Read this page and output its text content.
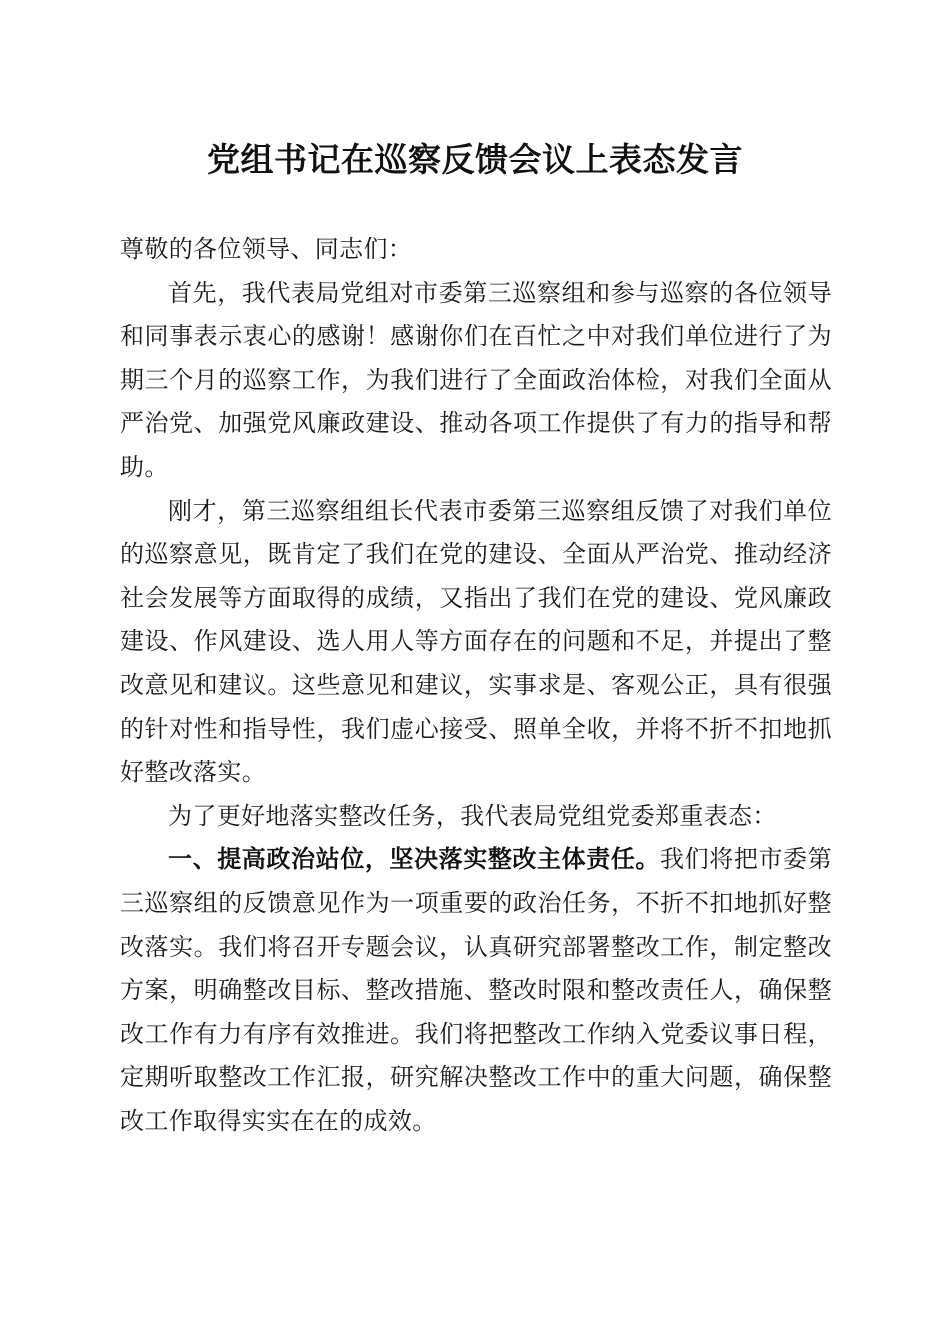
党组书记在巡察反馈会议上表态发言

尊敬的各位领导、同志们：

首先，我代表局党组对市委第三巡察组和参与巡察的各位领导和同事表示衷心的感谢！感谢你们在百忙之中对我们单位进行了为期三个月的巡察工作，为我们进行了全面政治体检，对我们全面从严治党、加强党风廉政建设、推动各项工作提供了有力的指导和帮助。

刚才，第三巡察组组长代表市委第三巡察组反馈了对我们单位的巡察意见，既肯定了我们在党的建设、全面从严治党、推动经济社会发展等方面取得的成绩，又指出了我们在党的建设、党风廉政建设、作风建设、选人用人等方面存在的问题和不足，并提出了整改意见和建议。这些意见和建议，实事求是、客观公正，具有很强的针对性和指导性，我们虚心接受、照单全收，并将不折不扣地抓好整改落实。

为了更好地落实整改任务，我代表局党组党委郑重表态：

一、提高政治站位，坚决落实整改主体责任。我们将把市委第三巡察组的反馈意见作为一项重要的政治任务，不折不扣地抓好整改落实。我们将召开专题会议，认真研究部署整改工作，制定整改方案，明确整改目标、整改措施、整改时限和整改责任人，确保整改工作有力有序有效推进。我们将把整改工作纳入党委议事日程，定期听取整改工作汇报，研究解决整改工作中的重大问题，确保整改工作取得实实在在的成效。
